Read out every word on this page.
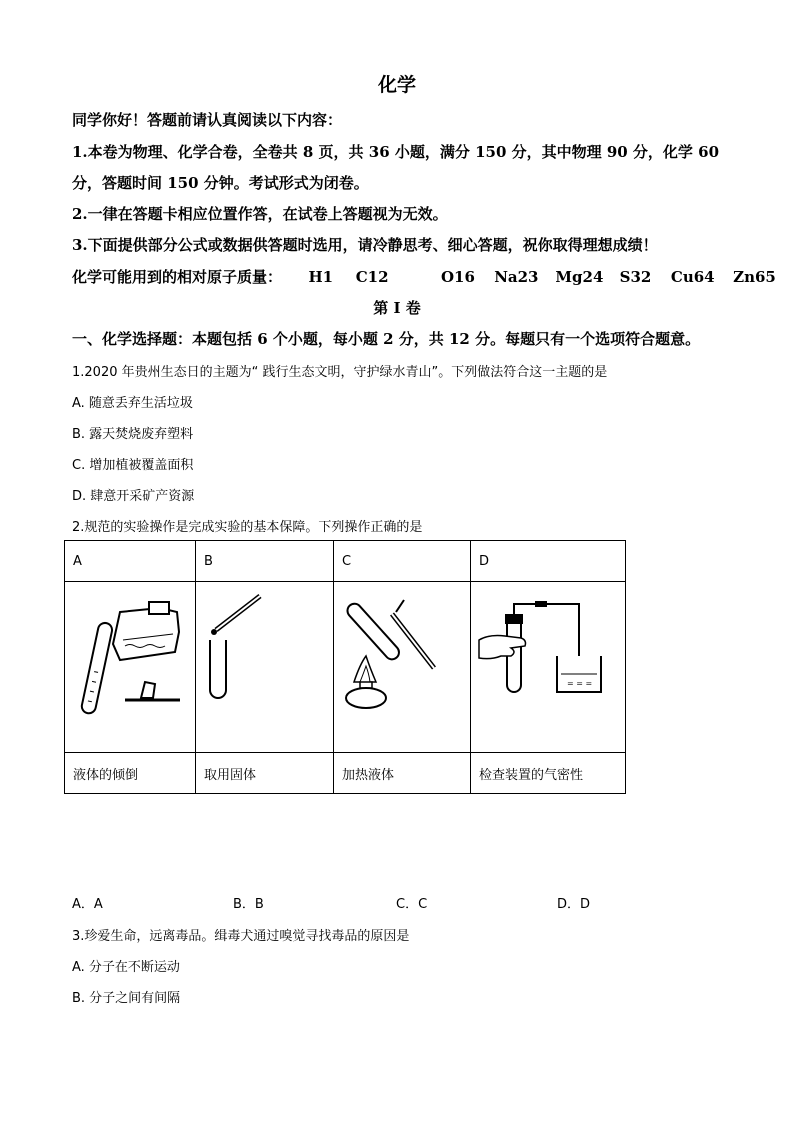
化学
同学你好！答题前请认真阅读以下内容：
1.本卷为物理、化学合卷，全卷共 8 页，共 36 小题，满分 150 分，其中物理 90 分，化学 60
分，答题时间 150 分钟。考试形式为闭卷。
2.一律在答题卡相应位置作答，在试卷上答题视为无效。
3.下面提供部分公式或数据供答题时选用，请冷静思考、细心答题，祝你取得理想成绩！
化学可能用到的相对原子质量： H1 C12	O16 Na23 Mg24 S32 Cu64 Zn65
第 I 卷
一、化学选择题：本题包括 6 个小题，每小题 2 分，共 12 分。每题只有一个选项符合题意。
1.2020 年贵州生态日的主题为“ 践行生态文明，守护绿水青山”。下列做法符合这一主题的是
A. 随意丢弃生活垃圾
B. 露天焚烧废弃塑料
C. 增加植被覆盖面积
D. 肆意开采矿产资源
2.规范的实验操作是完成实验的基本保障。下列操作正确的是
A	B	C	D

= = =

液体的倾倒	取用固体	加热液体	检查装置的气密性
A．A	B．B	C．C	D．D
3.珍爱生命，远离毒品。缉毒犬通过嗅觉寻找毒品的原因是
A. 分子在不断运动
B. 分子之间有间隔
